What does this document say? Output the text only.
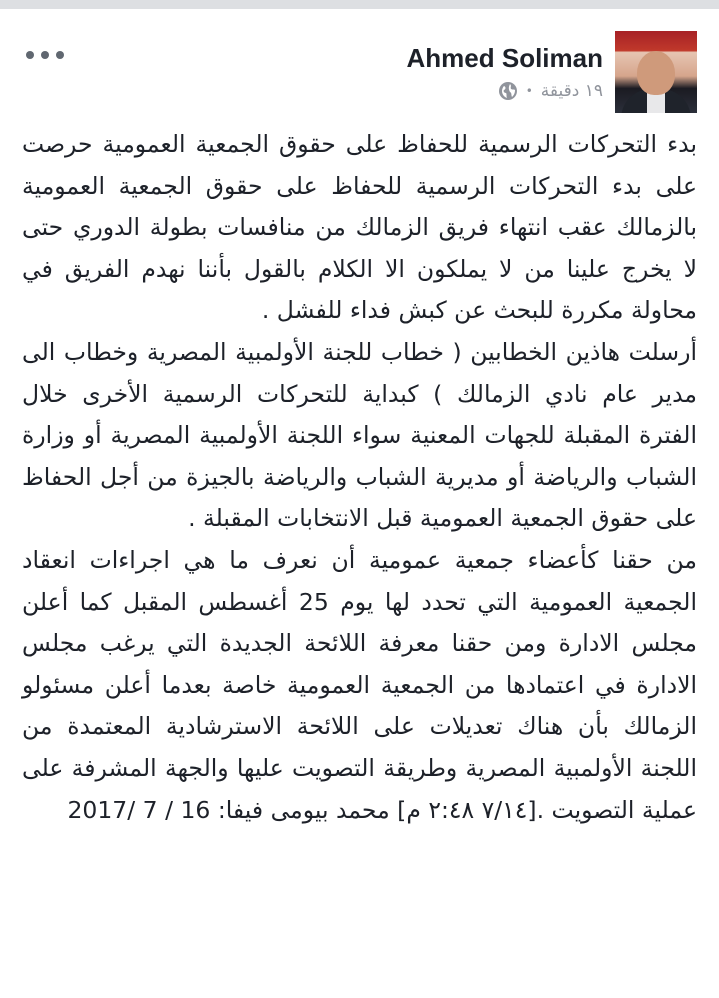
Ahmed Soliman
١٩ دقيقة
•

بدء التحركات الرسمية للحفاظ على حقوق الجمعية العمومية حرصت على بدء التحركات الرسمية للحفاظ على حقوق الجمعية العمومية بالزمالك عقب انتهاء فريق الزمالك من منافسات بطولة الدوري حتى لا يخرج علينا من لا يملكون الا الكلام بالقول بأننا نهدم الفريق في محاولة مكررة للبحث عن كبش فداء للفشل .

أرسلت هاذين الخطابين ( خطاب للجنة الأولمبية المصرية وخطاب الى مدير عام نادي الزمالك ) كبداية للتحركات الرسمية الأخرى خلال الفترة المقبلة للجهات المعنية سواء اللجنة الأولمبية المصرية أو وزارة الشباب والرياضة أو مديرية الشباب والرياضة بالجيزة من أجل الحفاظ على حقوق الجمعية العمومية قبل الانتخابات المقبلة .

من حقنا كأعضاء جمعية عمومية أن نعرف ما هي اجراءات انعقاد الجمعية العمومية التي تحدد لها يوم 25 أغسطس المقبل كما أعلن مجلس الادارة ومن حقنا معرفة اللائحة الجديدة التي يرغب مجلس الادارة في اعتمادها من الجمعية العمومية خاصة بعدما أعلن مسئولو الزمالك بأن هناك تعديلات على اللائحة الاسترشادية المعتمدة من اللجنة الأولمبية المصرية وطريقة التصويت عليها والجهة المشرفة على عملية التصويت .[٧/١٤ ٢:٤٨ م] محمد بيومى فيفا: 16 / 7 /2017
